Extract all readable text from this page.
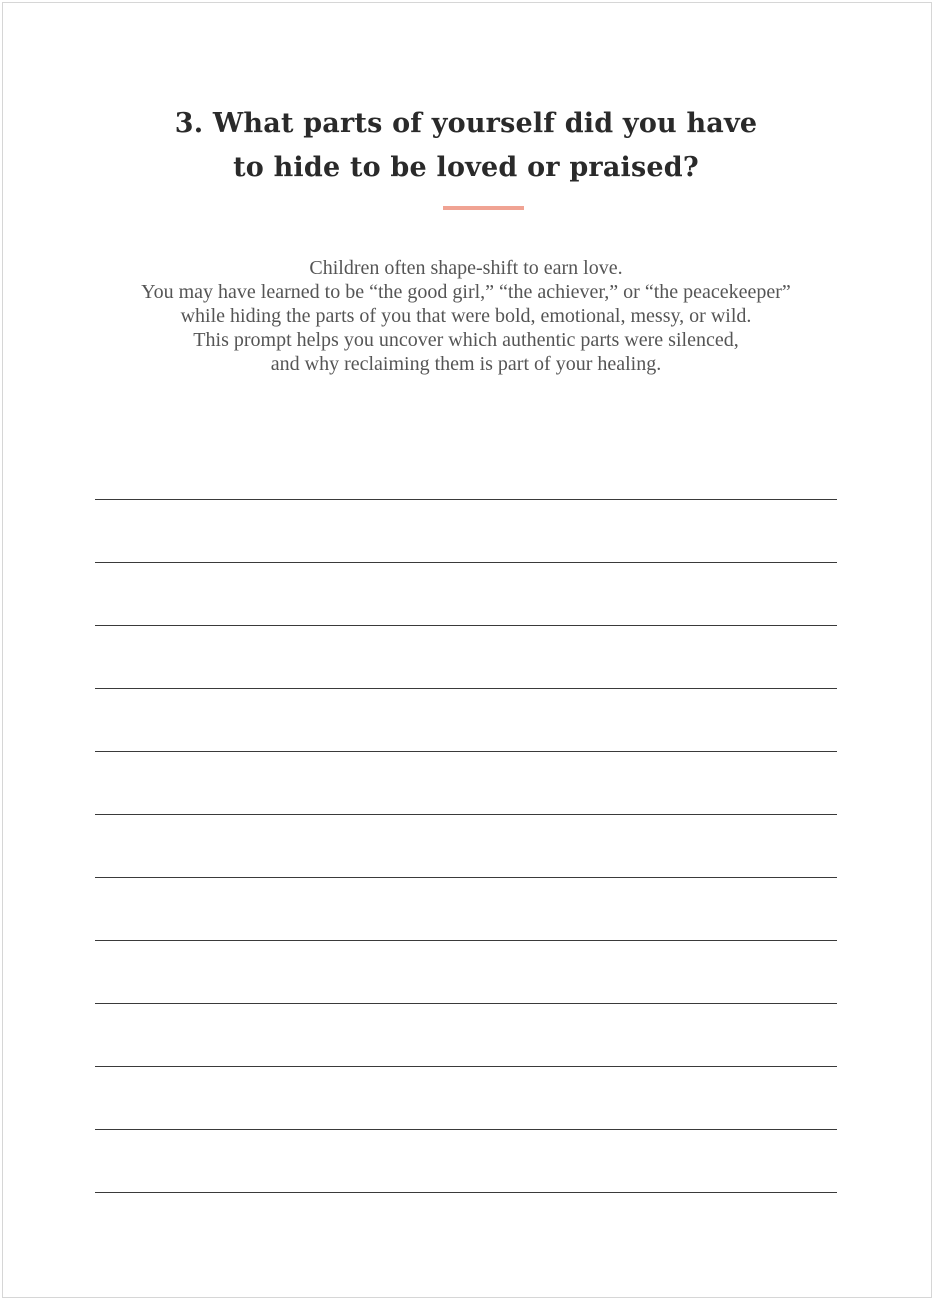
3. What parts of yourself did you have
to hide to be loved or praised?
Children often shape-shift to earn love.
You may have learned to be “the good girl,” “the achiever,” or “the peacekeeper”
while hiding the parts of you that were bold, emotional, messy, or wild.
This prompt helps you uncover which authentic parts were silenced,
and why reclaiming them is part of your healing.
